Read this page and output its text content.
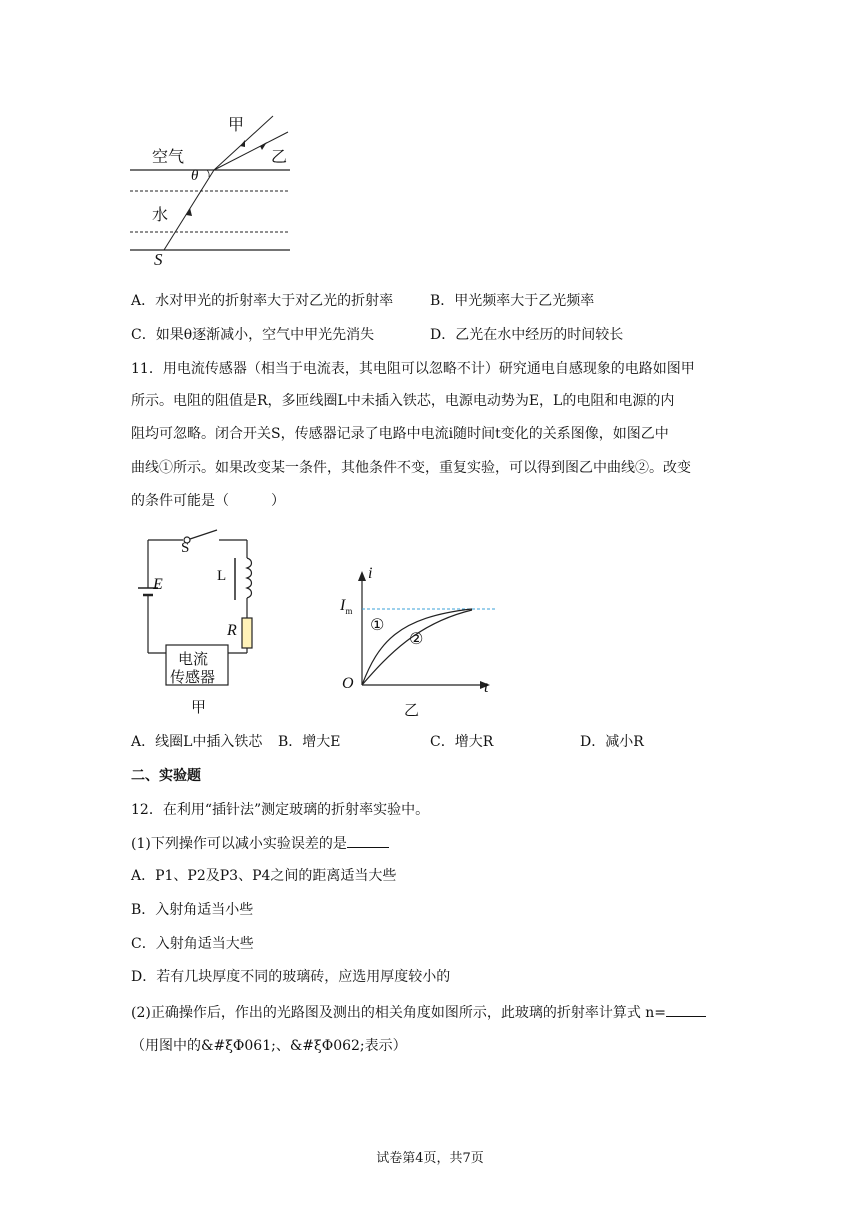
空气
水
甲
乙
θ
S
A．水对甲光的折射率大于对乙光的折射率	B．甲光频率大于乙光频率
C．如果θ逐渐减小，空气中甲光先消失	D．乙光在水中经历的时间较长
11．用电流传感器（相当于电流表，其电阻可以忽略不计）研究通电自感现象的电路如图甲
所示。电阻的阻值是R，多匝线圈L中未插入铁芯，电源电动势为E，L的电阻和电源的内
阻均可忽略。闭合开关S，传感器记录了电路中电流i随时间t变化的关系图像，如图乙中
曲线①所示。如果改变某一条件，其他条件不变，重复实验，可以得到图乙中曲线②。改变
的条件可能是（　　　）
S
L
E
R
电流
传感器
甲
i
$I_m$
O	t
①
②
乙
A．线圈L中插入铁芯 B．增大E	C．增大R	D．减小R
二、实验题
12．在利用“插针法”测定玻璃的折射率实验中。
(1)下列操作可以减小实验误差的是
A．P1、P2及P3、P4之间的距离适当大些
B．入射角适当小些
C．入射角适当大些
D．若有几块厚度不同的玻璃砖，应选用厚度较小的
(2)正确操作后，作出的光路图及测出的相关角度如图所示，此玻璃的折射率计算式 n=
（用图中的&#ξΦ061;、&#ξΦ062;表示）
试卷第4页，共7页
